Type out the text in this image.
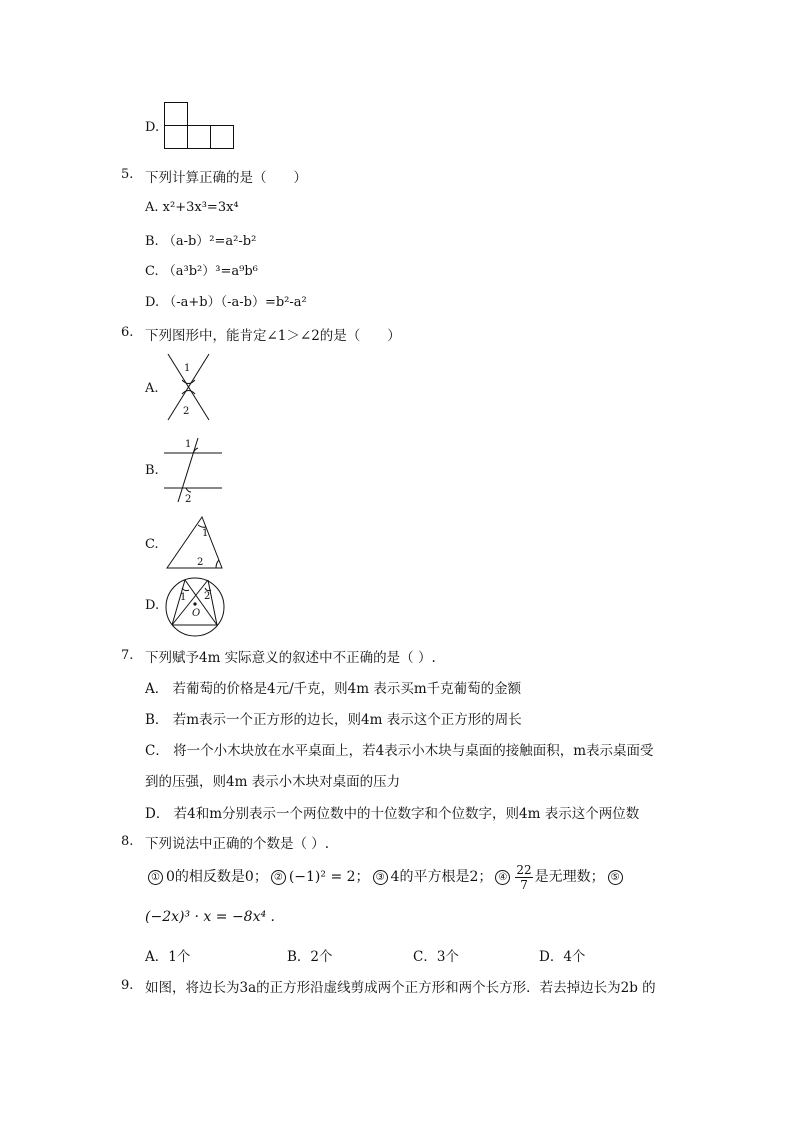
D.
5. 下列计算正确的是（　　）
A. x²+3x³=3x⁴
B. （a-b）²=a²-b²
C. （a³b²）³=a⁹b⁶
D. （-a+b）（-a-b）=b²-a²
6. 下列图形中，能肯定∠1＞∠2的是（　　）
A.
1
2
B.
1
2
C.
1
2
D.
1 2
O
7. 下列赋予4m 实际意义的叙述中不正确的是（ ）.
A． 若葡萄的价格是4元/千克，则4m 表示买m千克葡萄的金额
B． 若m表示一个正方形的边长，则4m 表示这个正方形的周长
C． 将一个小木块放在水平桌面上，若4表示小木块与桌面的接触面积，m表示桌面受
到的压强，则4m 表示小木块对桌面的压力
D． 若4和m分别表示一个两位数中的十位数字和个位数字，则4m 表示这个两位数
8. 下列说法中正确的个数是（ ）.
① 0的相反数是0； ② (−1)² = 2； ③ 4的平方根是2； ④ $\frac{22}{7}$ 是无理数； ⑤
(−2x)³ · x = −8x⁴ .
A．1个	B．2个	C．3个	D．4个
9. 如图，将边长为3a的正方形沿虚线剪成两个正方形和两个长方形．若去掉边长为2b 的
